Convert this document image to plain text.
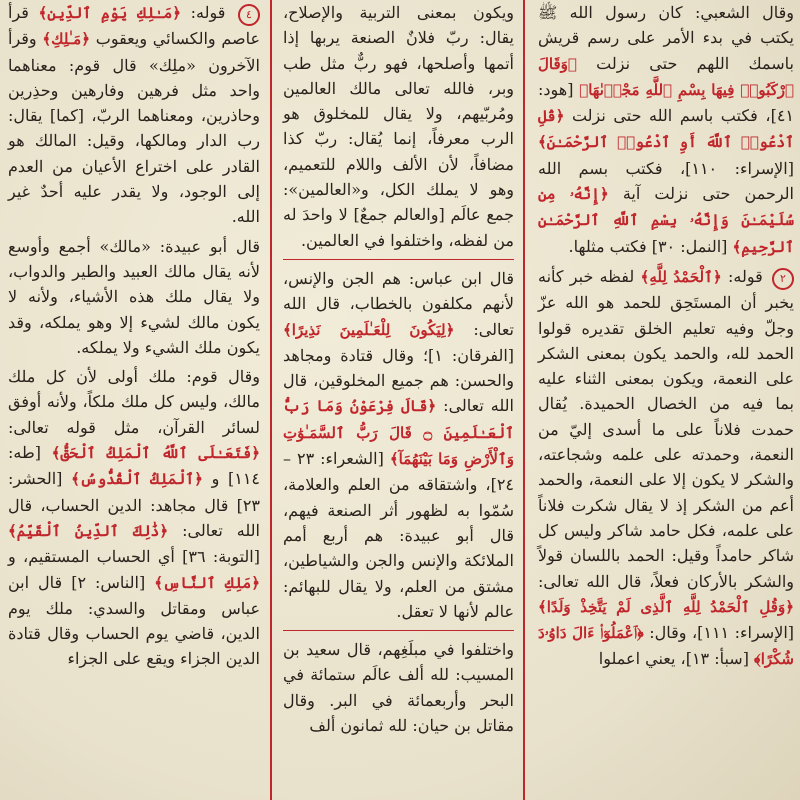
وقال الشعبي: كان رسول الله ﷺ يكتب في بدء الأمر على رسم قريش باسمك اللهم حتى نزلت ﴿وَقَالَ ٱرْكَبُوا۟ فِيهَا بِسْمِ ٱللَّهِ مَجْر۪ىٰهَا﴾ [هود: ٤١]، فكتب باسم الله حتى نزلت ﴿قُلِ ٱدْعُوا۟ ٱللَّهَ أَوِ ٱدْعُوا۟ ٱلرَّحْمَـٰنَ﴾ [الإسراء: ١١٠]، فكتب بسم الله الرحمن حتى نزلت آية ﴿إِنَّهُۥ مِن سُلَيْمَـٰنَ وَإِنَّهُۥ بِسْمِ ٱللَّهِ ٱلرَّحْمَـٰنِ ٱلرَّحِيمِ﴾ [النمل: ٣٠] فكتب مثلها.

٢ قوله: ﴿ٱلْحَمْدُ لِلَّهِ﴾ لفظه خبر كأنه يخبر أن المستَحِق للحمد هو الله عزّ وجلّ وفيه تعليم الخلق تقديره قولوا الحمد لله، والحمد يكون بمعنى الشكر على النعمة، ويكون بمعنى الثناء عليه بما فيه من الخصال الحميدة. يُقال حمدت فلاناً على ما أسدى إليّ من النعمة، وحمدته على علمه وشجاعته، والشكر لا يكون إلا على النعمة، والحمد أعم من الشكر إذ لا يقال شكرت فلاناً على علمه، فكل حامد شاكر وليس كل شاكر حامداً وقيل: الحمد باللسان قولاً والشكر بالأركان فعلاً، قال الله تعالى: ﴿وَقُلِ ٱلْحَمْدُ لِلَّهِ ٱلَّذِى لَمْ يَتَّخِذْ وَلَدًا﴾ [الإسراء: ١١١]، وقال: ﴿ٱعْمَلُوٓا۟ ءَالَ دَاوُۥدَ شُكْرًا﴾ [سبأ: ١٣]، يعني اعملوا

ويكون بمعنى التربية والإصلاح، يقال: ربّ فلانٌ الصنعة يربها إذا أتمها وأصلحها، فهو ربٌّ مثل طب وبر، فالله تعالى مالك العالمين ومُربّيهم، ولا يقال للمخلوق هو الرب معرفاً، إنما يُقال: ربّ كذا مضافاً، لأن الألف واللام للتعميم، وهو لا يملك الكل، و«العالمين»: جمع عالَم [والعالم جمعٌ] لا واحدَ له من لفظه، واختلفوا في العالمين.

قال ابن عباس: هم الجن والإنس، لأنهم مكلفون بالخطاب، قال الله تعالى: ﴿لِيَكُونَ لِلْعَـٰلَمِينَ نَذِيرًا﴾ [الفرقان: ١]؛ وقال قتادة ومجاهد والحسن: هم جميع المخلوقين، قال الله تعالى: ﴿قَالَ فِرْعَوْنُ وَمَا رَبُّ ٱلْعَـٰلَمِينَ ۝ قَالَ رَبُّ ٱلسَّمَـٰوَٰتِ وَٱلْأَرْضِ وَمَا بَيْنَهُمَآ﴾ [الشعراء: ٢٣ – ٢٤]، واشتقاقه من العلم والعلامة، سُمّوا به لظهور أثر الصنعة فيهم، قال أبو عبيدة: هم أربع أمم الملائكة والإنس والجن والشياطين، مشتق من العلم، ولا يقال للبهائم: عالم لأنها لا تعقل.

واختلفوا في مبلَغِهم، قال سعيد بن المسيب: لله ألف عالَم ستمائة في البحر وأربعمائة في البر. وقال مقاتل بن حيان: لله ثمانون ألف

٤ قوله: ﴿مَـٰلِكِ يَوْمِ ٱلدِّينِ﴾ قرأ عاصم والكسائي ويعقوب ﴿مَـٰلِكِ﴾ وقرأ الآخرون «ملِك» قال قوم: معناهما واحد مثل فرهين وفارهين وحذِرين وحاذرين، ومعناهما الربّ، [كما] يقال: رب الدار ومالكها، وقيل: المالك هو القادر على اختراع الأعيان من العدم إلى الوجود، ولا يقدر عليه أحدٌ غير الله.

قال أبو عبيدة: «مالك» أجمع وأوسع لأنه يقال مالك العبيد والطير والدواب، ولا يقال ملك هذه الأشياء، ولأنه لا يكون مالك لشيء إلا وهو يملكه، وقد يكون ملك الشيء ولا يملكه.

وقال قوم: ملك أولى لأن كل ملك مالك، وليس كل ملك ملكاً، ولأنه أوفق لسائر القرآن، مثل قوله تعالى: ﴿فَتَعَـٰلَى ٱللَّهُ ٱلْمَلِكُ ٱلْحَقُّ﴾ [طه: ١١٤] و ﴿ٱلْمَلِكُ ٱلْقُدُّوسُ﴾ [الحشر: ٢٣] قال مجاهد: الدين الحساب، قال الله تعالى: ﴿ذَٰلِكَ ٱلدِّينُ ٱلْقَيِّمُ﴾ [التوبة: ٣٦] أي الحساب المستقيم، و ﴿مَلِكِ ٱلنَّاسِ﴾ [الناس: ٢] قال ابن عباس ومقاتل والسدي: ملك يوم الدين، قاضي يوم الحساب وقال قتادة الدين الجزاء ويقع على الجزاء
